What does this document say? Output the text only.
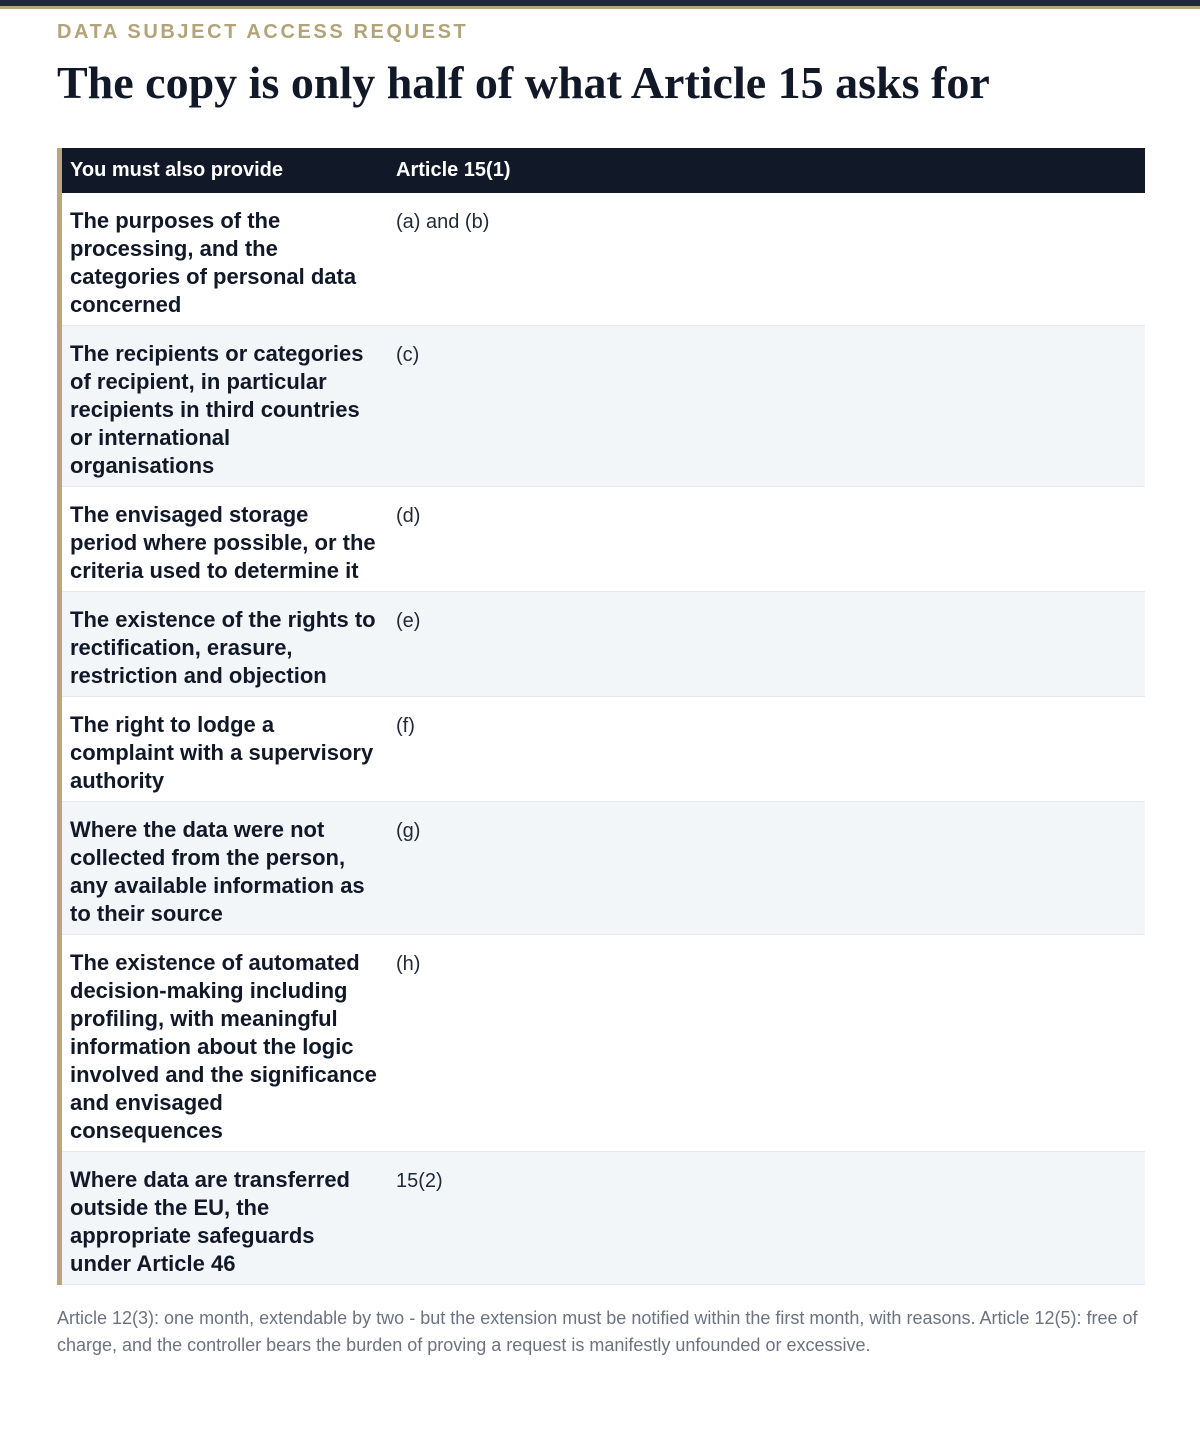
DATA SUBJECT ACCESS REQUEST

The copy is only half of what Article 15 asks for
You must also provide	Article 15(1)
The purposes of the processing, and the categories of personal data concerned	(a) and (b)
The recipients or categories of recipient, in particular recipients in third countries or international organisations	(c)
The envisaged storage period where possible, or the criteria used to determine it	(d)
The existence of the rights to rectification, erasure, restriction and objection	(e)
The right to lodge a complaint with a supervisory authority	(f)
Where the data were not collected from the person, any available information as to their source	(g)
The existence of automated decision-making including profiling, with meaningful information about the logic involved and the significance and envisaged consequences	(h)
Where data are transferred outside the EU, the appropriate safeguards under Article 46	15(2)

Article 12(3): one month, extendable by two - but the extension must be notified within the first month, with reasons. Article 12(5): free of charge, and the controller bears the burden of proving a request is manifestly unfounded or excessive.
